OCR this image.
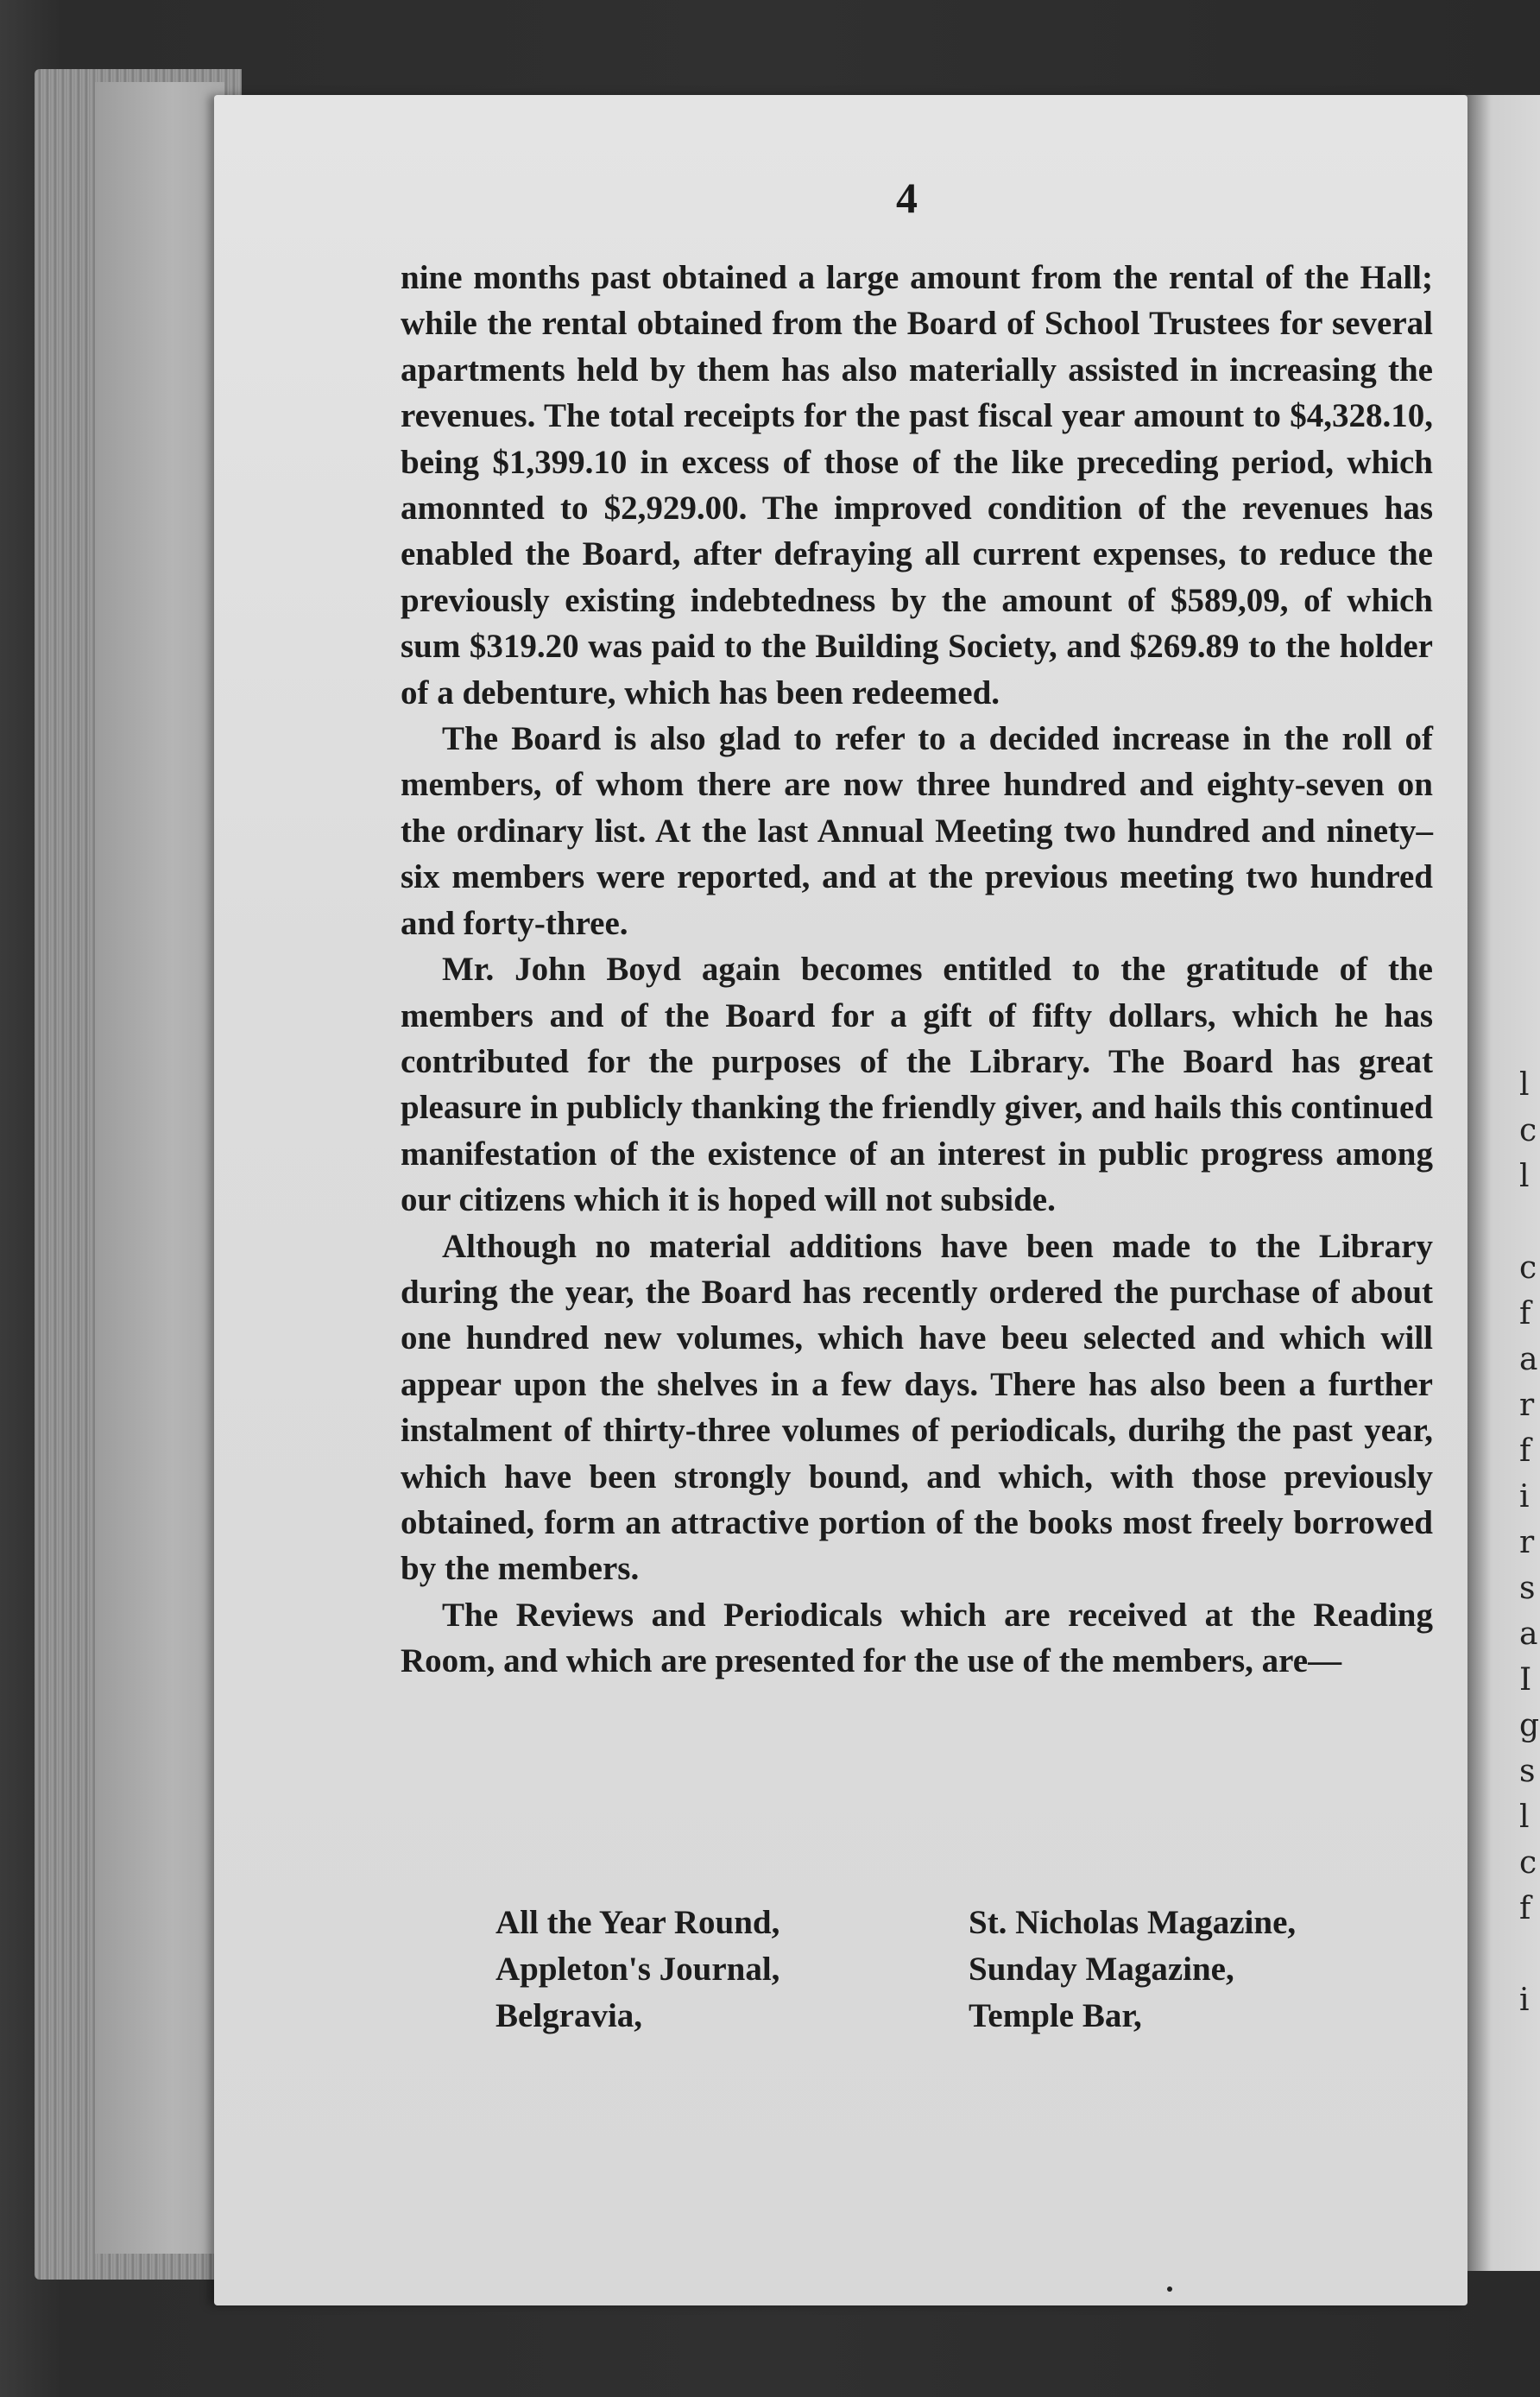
l
c
l

c
f
a
r
f
i
r
s
a
I
g
s
l
c
f

i
4

nine months past obtained a large amount from the rental of the Hall; while the rental obtained from the Board of School Trustees for several apartments held by them has also materially assisted in increasing the revenues. The total receipts for the past fiscal year amount to $4,328.10, being $1,399.10 in excess of those of the like preceding period, which amonnted to $2,929.00. The improved condition of the revenues has enabled the Board, after defraying all current expenses, to reduce the previously existing indebtedness by the amount of $589,09, of which sum $319.20 was paid to the Building Society, and $269.89 to the holder of a debenture, which has been redeemed.

The Board is also glad to refer to a decided increase in the roll of members, of whom there are now three hundred and eighty-seven on the ordinary list. At the last Annual Meeting two hundred and ninety–six members were reported, and at the previous meeting two hundred and forty-three.

Mr. John Boyd again becomes entitled to the gratitude of the members and of the Board for a gift of fifty dollars, which he has contributed for the purposes of the Library. The Board has great pleasure in publicly thanking the friendly giver, and hails this continued manifestation of the existence of an interest in public progress among our citizens which it is hoped will not subside.

Although no material additions have been made to the Library during the year, the Board has recently ordered the purchase of about one hundred new volumes, which have beeu selected and which will appear upon the shelves in a few days. There has also been a further instalment of thirty-three volumes of periodicals, durihg the past year, which have been strongly bound, and which, with those previously obtained, form an attractive portion of the books most freely borrowed by the members.

The Reviews and Periodicals which are received at the Reading Room, and which are presented for the use of the members, are—

All the Year Round,
Appleton's Journal,
Belgravia,
St. Nicholas Magazine,
Sunday Magazine,
Temple Bar,
